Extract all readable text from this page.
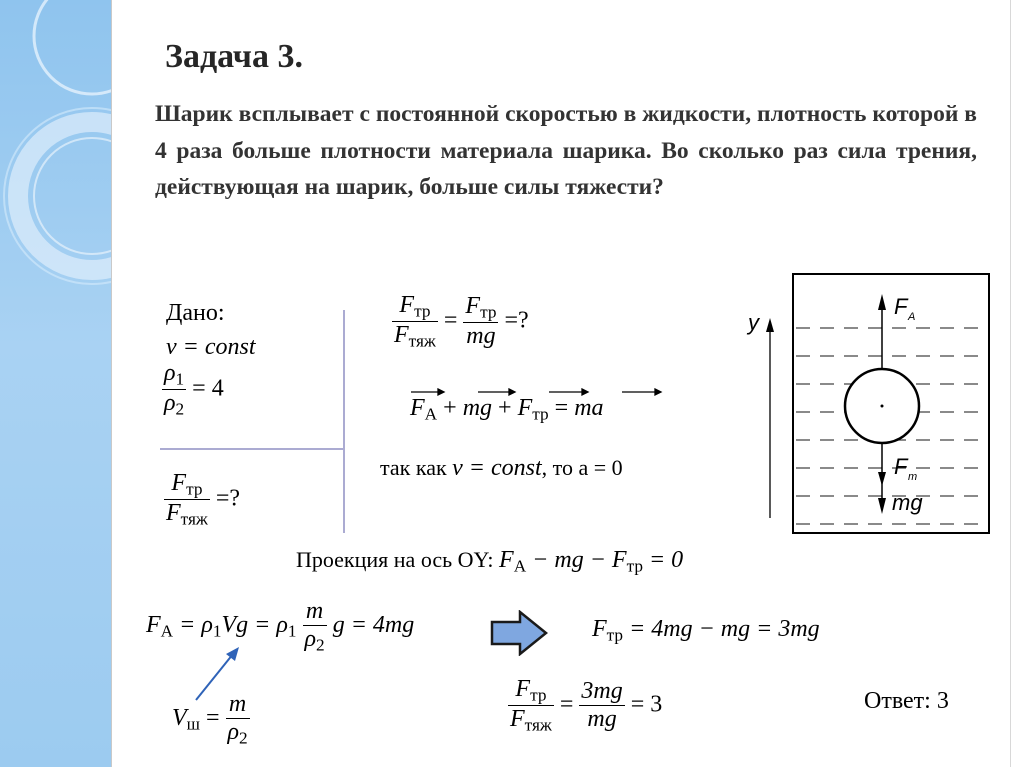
Задача 3.
Шарик всплывает с постоянной скоростью в жидкости, плотность которой в 4 раза больше плотности материала шарика. Во сколько раз сила трения, действующая на шарик, больше силы тяжести?
Дано:
v = const
$\frac{\rho_1}{\rho_2} = 4$
$\frac{F_{тр}}{F_{тяж}}$ =?
$\frac{F_{тр}}{F_{тяж}} = \frac{F_{тр}}{mg}$ =?
$F_A$ + mg + $F_{тр}$ = ma
так как v = const, то а = 0
Проекция на ось OY: $F_A$ − mg − $F_{тр} = 0$
$F_A = \rho_1Vg = \rho_1 \frac{m}{\rho_2}$ g = 4mg	$F_{тр} = 4mg$ − mg = 3mg
$V_ш = \frac{m}{\rho_2}$	$\frac{F_{тр}}{F_{тяж}} = \frac{3mg}{mg} = 3$	Ответ: 3
y
F A
F т
mg
